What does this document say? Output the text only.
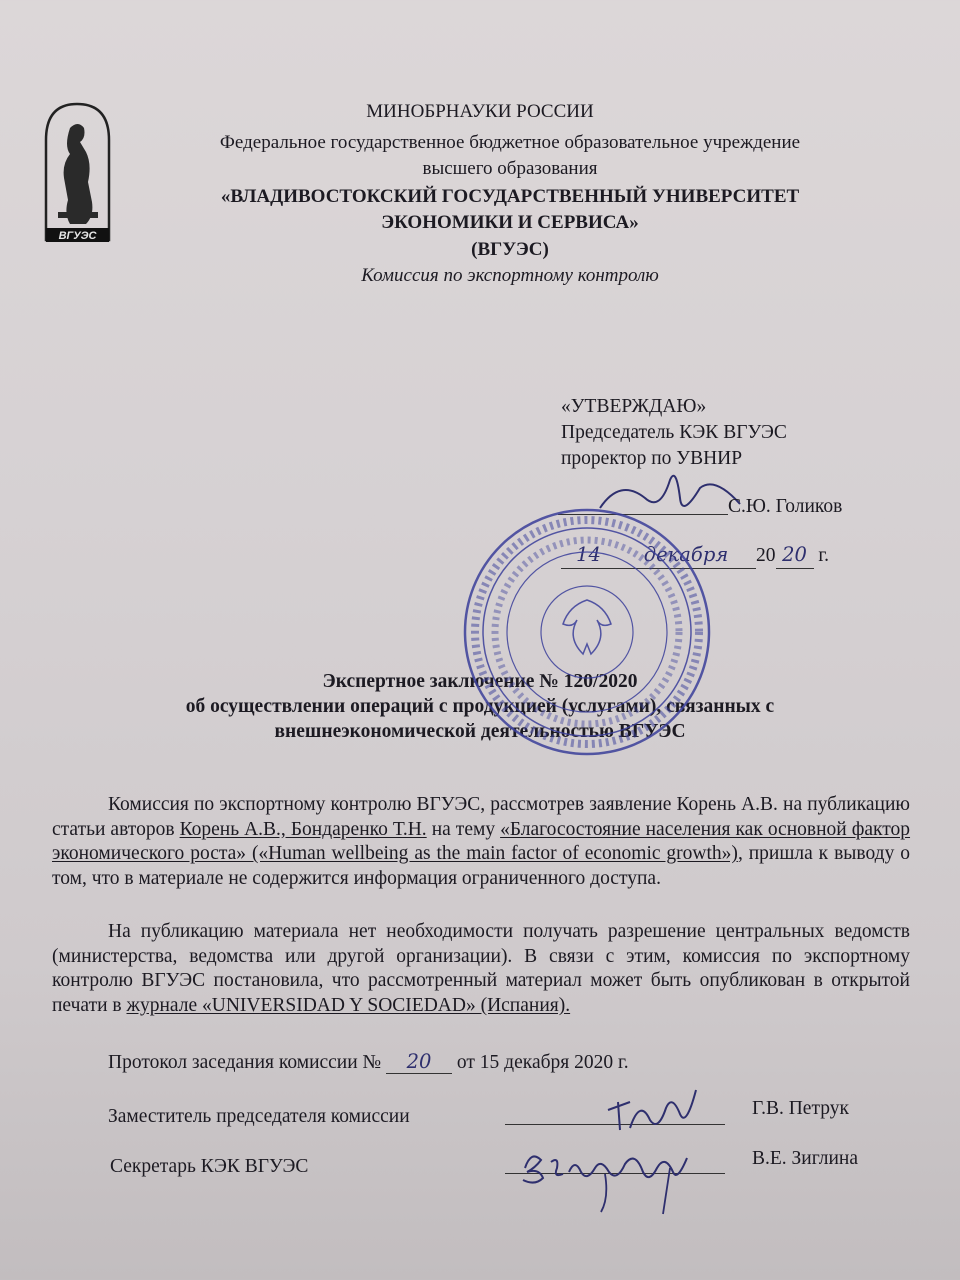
ВГУЭС
МИНОБРНАУКИ РОССИИ
Федеральное государственное бюджетное образовательное учреждение
высшего образования
«ВЛАДИВОСТОКСКИЙ ГОСУДАРСТВЕННЫЙ УНИВЕРСИТЕТ
ЭКОНОМИКИ И СЕРВИСА»
(ВГУЭС)
Комиссия по экспортному контролю
«УТВЕРЖДАЮ»
Председатель КЭК ВГУЭС
проректор по УВНИР
С.Ю. Голиков
14 декабря 20 20 г.
Экспертное заключение № 120/2020
об осуществлении операций с продукцией (услугами), связанных с
внешнеэкономической деятельностью ВГУЭС

Комиссия по экспортному контролю ВГУЭС, рассмотрев заявление Корень А.В. на публикацию статьи авторов Корень А.В., Бондаренко Т.Н. на тему «Благосостояние населения как основной фактор экономического роста» («Human wellbeing as the main factor of economic growth»), пришла к выводу о том, что в материале не содержится информация ограниченного доступа.

На публикацию материала нет необходимости получать разрешение центральных ведомств (министерства, ведомства или другой организации). В связи с этим, комиссия по экспортному контролю ВГУЭС постановила, что рассмотренный материал может быть опубликован в открытой печати в журнале «UNIVERSIDAD Y SOCIEDAD» (Испания).

Протокол заседания комиссии № 20 от 15 декабря 2020 г.
Заместитель председателя комиссии	Г.В. Петрук
Секретарь КЭК ВГУЭС	В.Е. Зиглина
